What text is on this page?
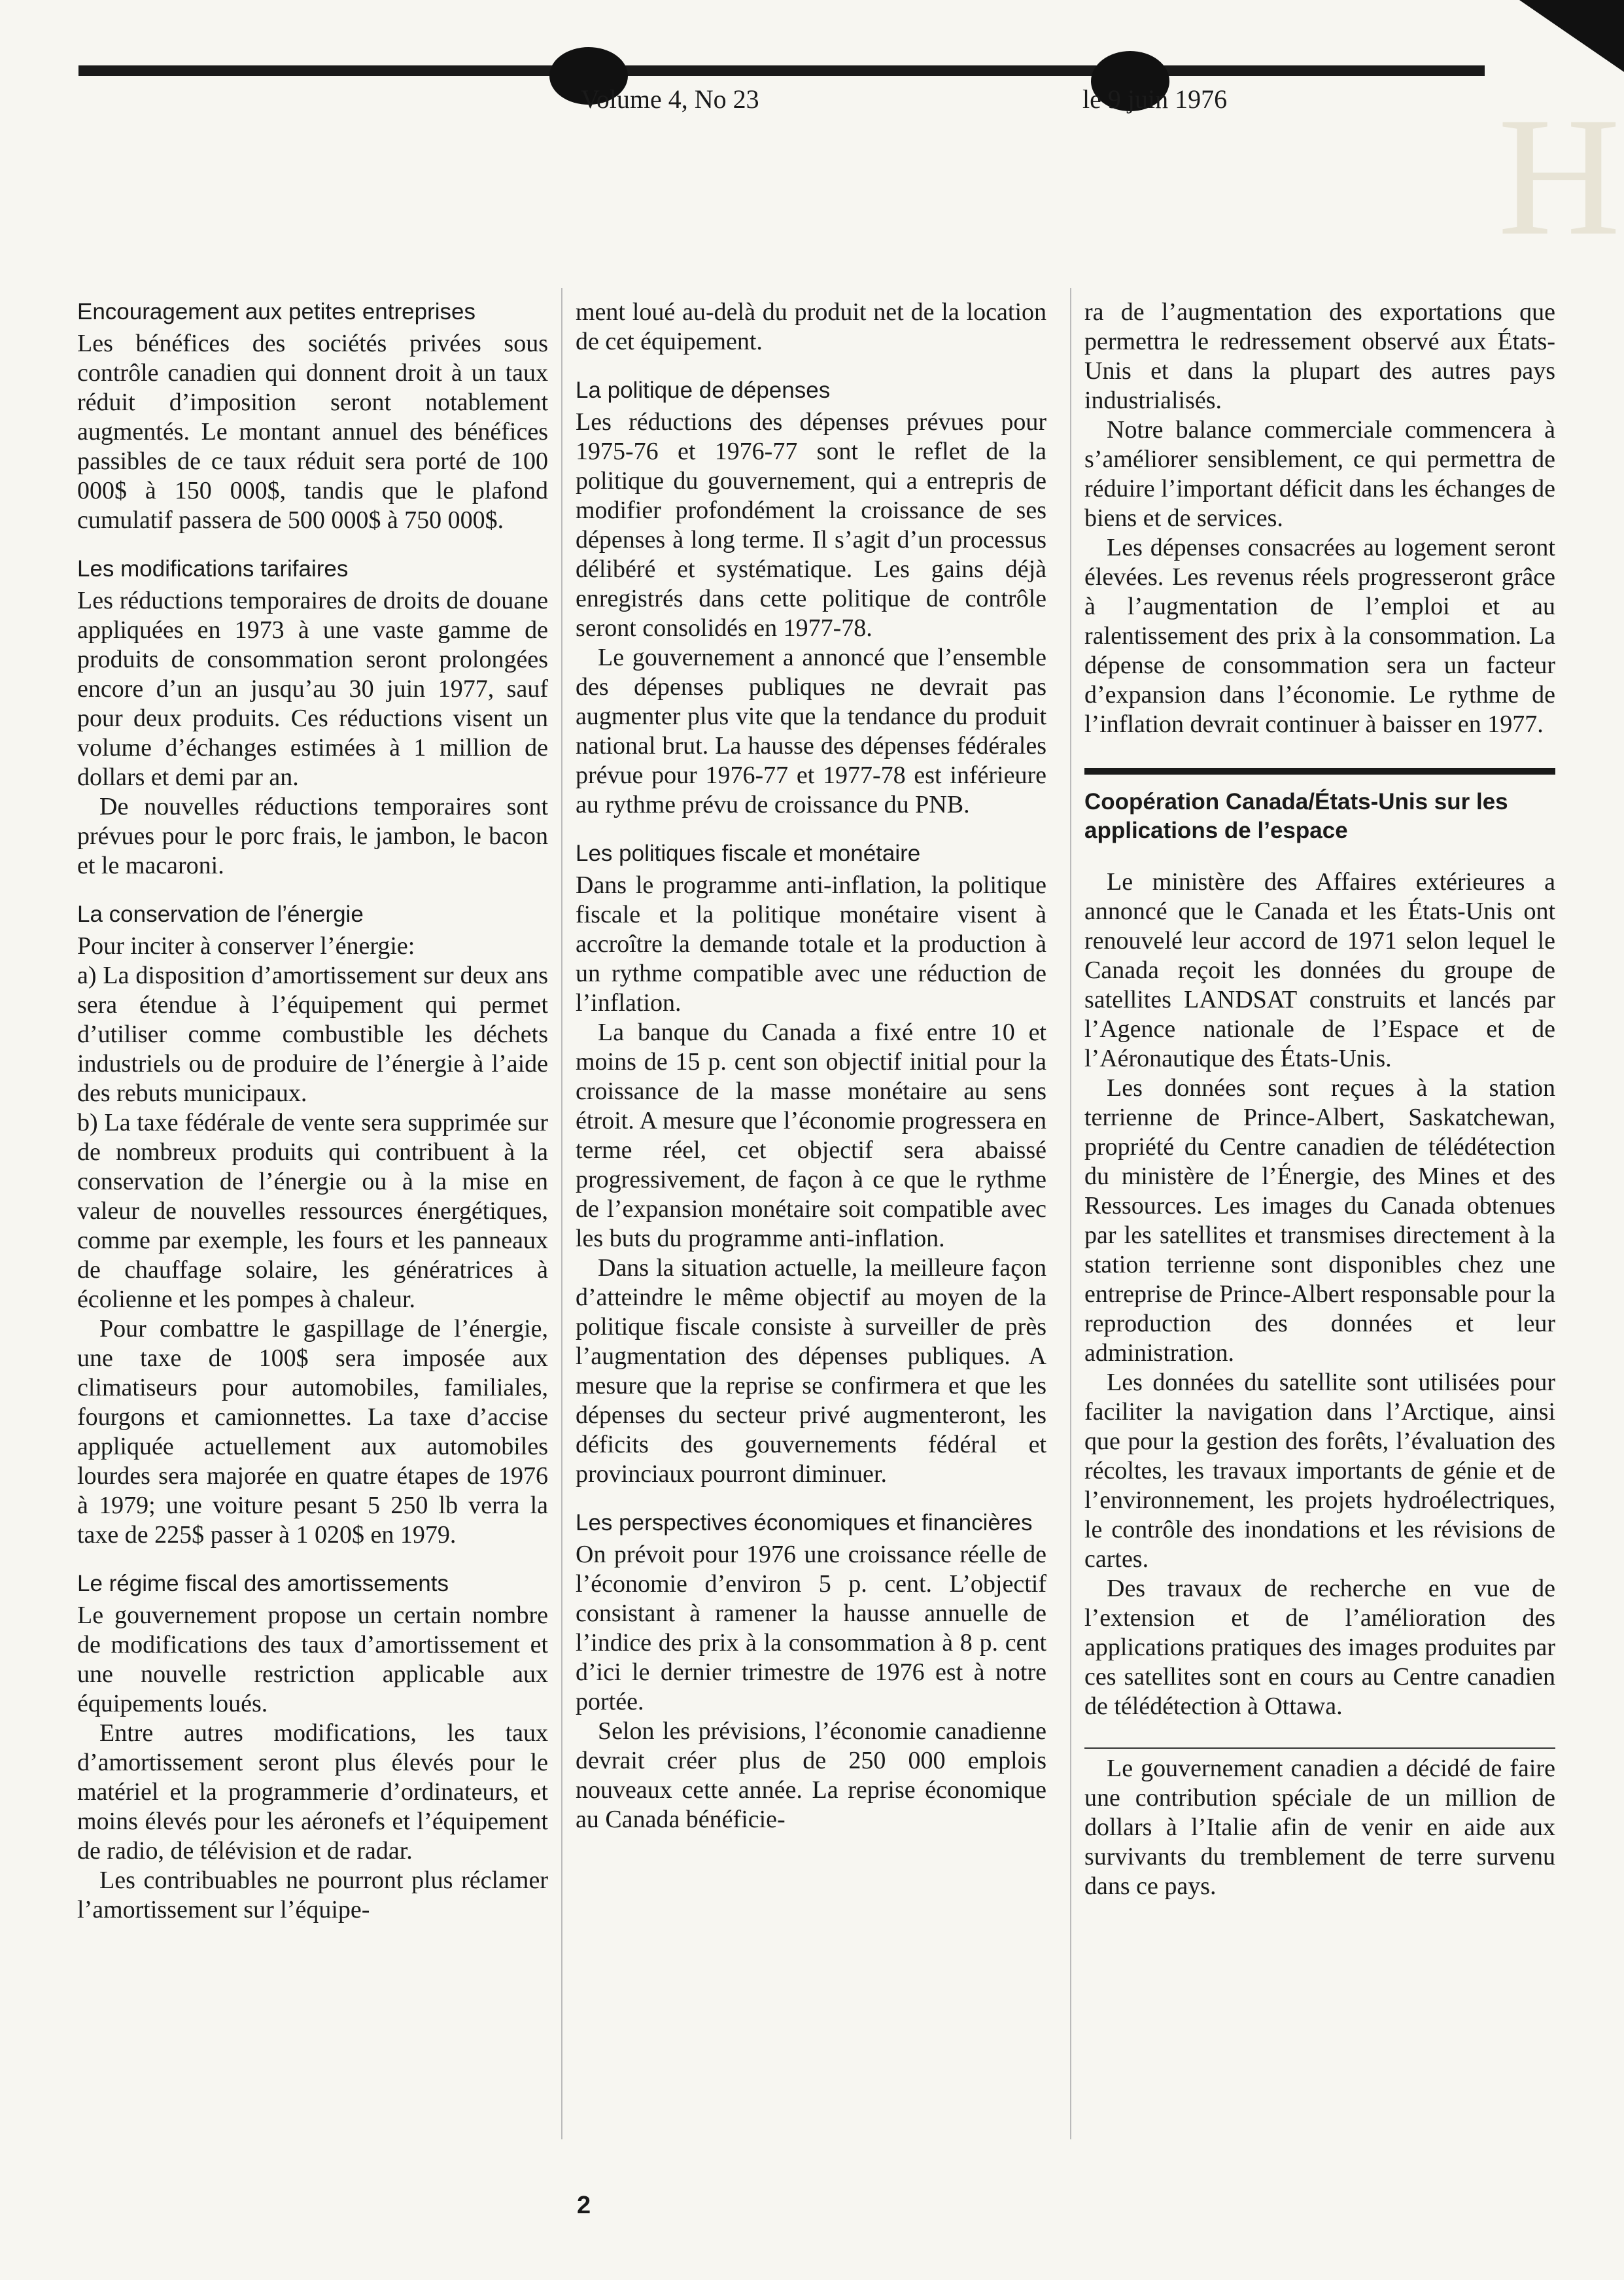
H
Volume 4, No 23	le 9 juin 1976
Encouragement aux petites entreprises

Les bénéfices des sociétés privées sous contrôle canadien qui donnent droit à un taux réduit d’imposition seront notablement augmentés. Le montant annuel des bénéfices passibles de ce taux réduit sera porté de 100 000$ à 150 000$, tandis que le plafond cumulatif passera de 500 000$ à 750 000$.

Les modifications tarifaires

Les réductions temporaires de droits de douane appliquées en 1973 à une vaste gamme de produits de consommation seront prolongées encore d’un an jusqu’au 30 juin 1977, sauf pour deux produits. Ces réductions visent un volume d’échanges estimées à 1 million de dollars et demi par an.

De nouvelles réductions temporaires sont prévues pour le porc frais, le jambon, le bacon et le macaroni.

La conservation de l’énergie

Pour inciter à conserver l’énergie:

a) La disposition d’amortissement sur deux ans sera étendue à l’équipement qui permet d’utiliser comme combustible les déchets industriels ou de produire de l’énergie à l’aide des rebuts municipaux.

b) La taxe fédérale de vente sera supprimée sur de nombreux produits qui contribuent à la conservation de l’énergie ou à la mise en valeur de nouvelles ressources énergétiques, comme par exemple, les fours et les panneaux de chauffage solaire, les génératrices à écolienne et les pompes à chaleur.

Pour combattre le gaspillage de l’énergie, une taxe de 100$ sera imposée aux climatiseurs pour automobiles, familiales, fourgons et camionnettes. La taxe d’accise appliquée actuellement aux automobiles lourdes sera majorée en quatre étapes de 1976 à 1979; une voiture pesant 5 250 lb verra la taxe de 225$ passer à 1 020$ en 1979.

Le régime fiscal des amortissements

Le gouvernement propose un certain nombre de modifications des taux d’amortissement et une nouvelle restriction applicable aux équipements loués.

Entre autres modifications, les taux d’amortissement seront plus élevés pour le matériel et la programmerie d’ordinateurs, et moins élevés pour les aéronefs et l’équipement de radio, de télévision et de radar.

Les contribuables ne pourront plus réclamer l’amortissement sur l’équipe-

ment loué au-delà du produit net de la location de cet équipement.

La politique de dépenses

Les réductions des dépenses prévues pour 1975-76 et 1976-77 sont le reflet de la politique du gouvernement, qui a entrepris de modifier profondément la croissance de ses dépenses à long terme. Il s’agit d’un processus délibéré et systématique. Les gains déjà enregistrés dans cette politique de contrôle seront consolidés en 1977-78.

Le gouvernement a annoncé que l’ensemble des dépenses publiques ne devrait pas augmenter plus vite que la tendance du produit national brut. La hausse des dépenses fédérales prévue pour 1976-77 et 1977-78 est inférieure au rythme prévu de croissance du PNB.

Les politiques fiscale et monétaire

Dans le programme anti-inflation, la politique fiscale et la politique monétaire visent à accroître la demande totale et la production à un rythme compatible avec une réduction de l’inflation.

La banque du Canada a fixé entre 10 et moins de 15 p. cent son objectif initial pour la croissance de la masse monétaire au sens étroit. A mesure que l’économie progressera en terme réel, cet objectif sera abaissé progressivement, de façon à ce que le rythme de l’expansion monétaire soit compatible avec les buts du programme anti-inflation.

Dans la situation actuelle, la meilleure façon d’atteindre le même objectif au moyen de la politique fiscale consiste à surveiller de près l’augmentation des dépenses publiques. A mesure que la reprise se confirmera et que les dépenses du secteur privé augmenteront, les déficits des gouvernements fédéral et provinciaux pourront diminuer.

Les perspectives économiques et financières

On prévoit pour 1976 une croissance réelle de l’économie d’environ 5 p. cent. L’objectif consistant à ramener la hausse annuelle de l’indice des prix à la consommation à 8 p. cent d’ici le dernier trimestre de 1976 est à notre portée.

Selon les prévisions, l’économie canadienne devrait créer plus de 250 000 emplois nouveaux cette année. La reprise économique au Canada bénéficie-

ra de l’augmentation des exportations que permettra le redressement observé aux États-Unis et dans la plupart des autres pays industrialisés.

Notre balance commerciale commencera à s’améliorer sensiblement, ce qui permettra de réduire l’important déficit dans les échanges de biens et de services.

Les dépenses consacrées au logement seront élevées. Les revenus réels progresseront grâce à l’augmentation de l’emploi et au ralentissement des prix à la consommation. La dépense de consommation sera un facteur d’expansion dans l’économie. Le rythme de l’inflation devrait continuer à baisser en 1977.

Coopération Canada/États-Unis sur les applications de l’espace

Le ministère des Affaires extérieures a annoncé que le Canada et les États-Unis ont renouvelé leur accord de 1971 selon lequel le Canada reçoit les données du groupe de satellites LANDSAT construits et lancés par l’Agence nationale de l’Espace et de l’Aéronautique des États-Unis.

Les données sont reçues à la station terrienne de Prince-Albert, Saskatchewan, propriété du Centre canadien de télédétection du ministère de l’Énergie, des Mines et des Ressources. Les images du Canada obtenues par les satellites et transmises directement à la station terrienne sont disponibles chez une entreprise de Prince-Albert responsable pour la reproduction des données et leur administration.

Les données du satellite sont utilisées pour faciliter la navigation dans l’Arctique, ainsi que pour la gestion des forêts, l’évaluation des récoltes, les travaux importants de génie et de l’environnement, les projets hydroélectriques, le contrôle des inondations et les révisions de cartes.

Des travaux de recherche en vue de l’extension et de l’amélioration des applications pratiques des images produites par ces satellites sont en cours au Centre canadien de télédétection à Ottawa.

Le gouvernement canadien a décidé de faire une contribution spéciale de un million de dollars à l’Italie afin de venir en aide aux survivants du tremblement de terre survenu dans ce pays.

2
